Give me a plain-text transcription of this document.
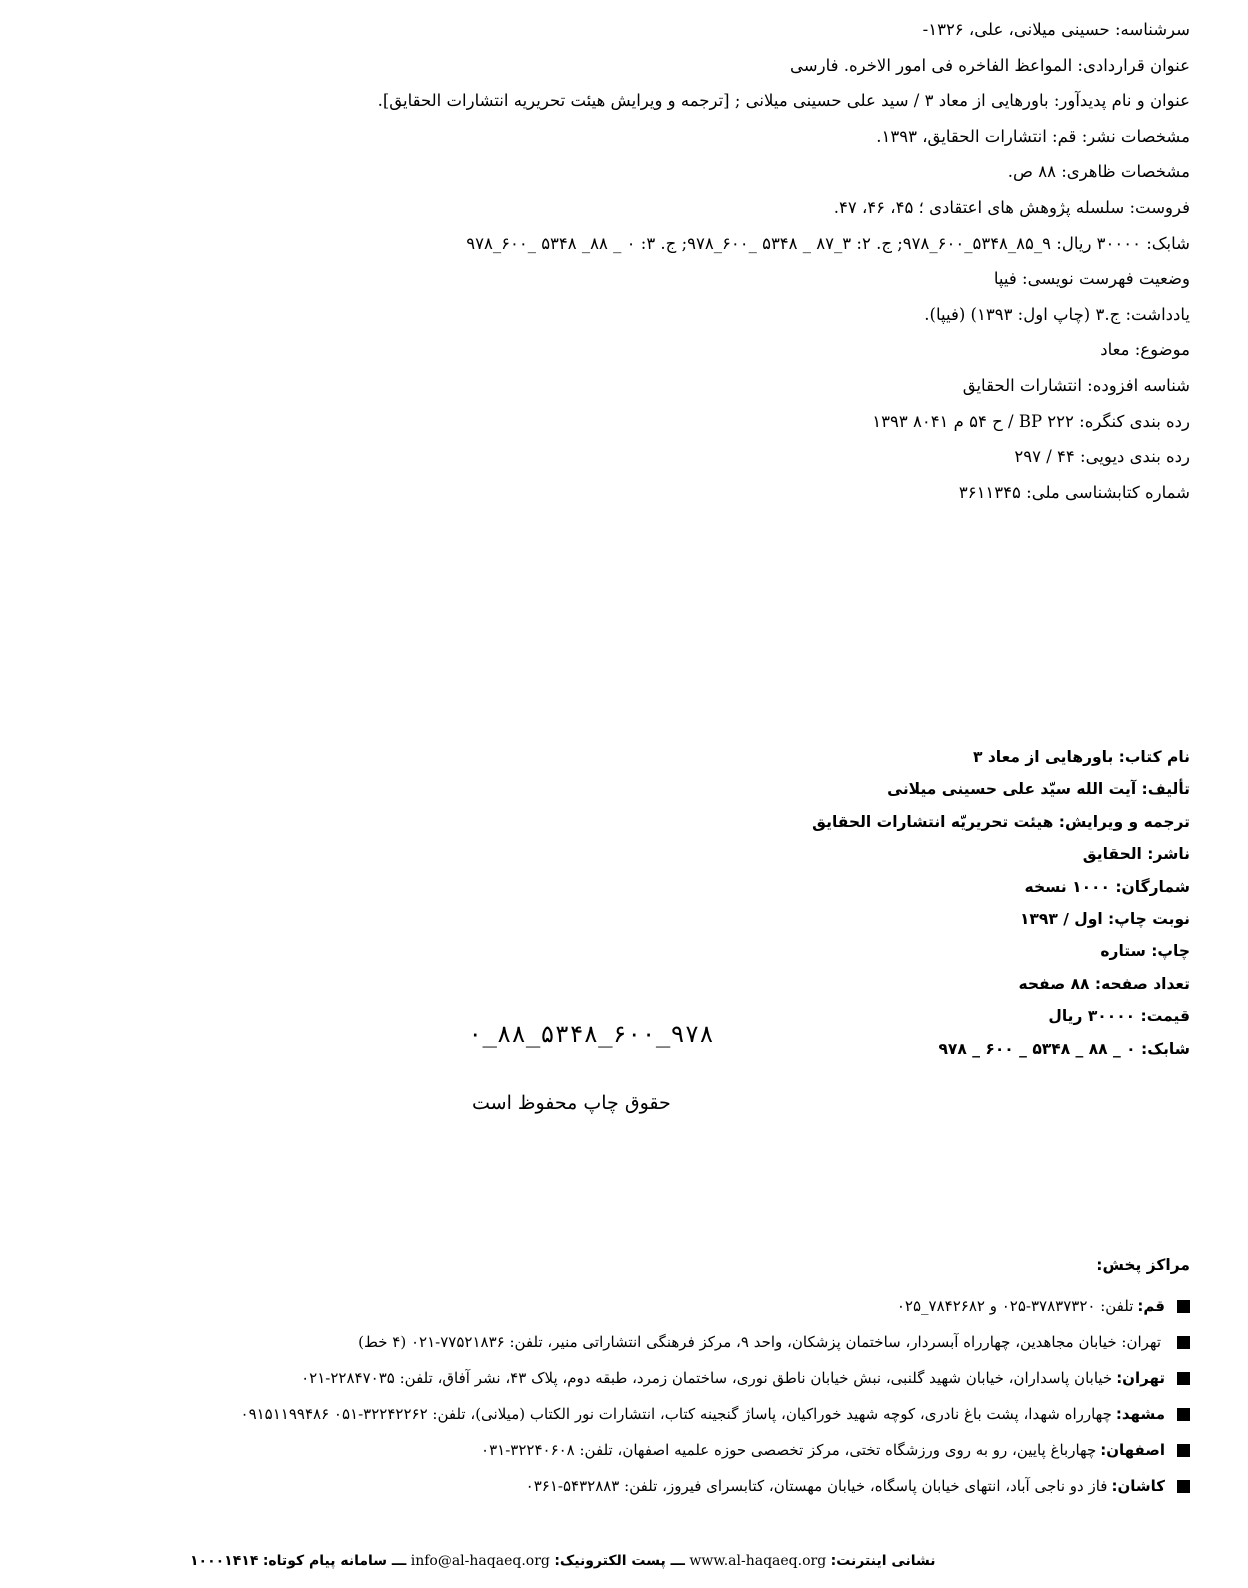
سرشناسه: حسینی میلانی، علی، ۱۳۲۶-
عنوان قراردادی: المواعظ الفاخره فی امور الاخره. فارسی
عنوان و نام پدیدآور: باورهایی از معاد ۳ / سید علی حسینی میلانی ; [ترجمه و ویرایش هیئت تحریریه انتشارات الحقایق].
مشخصات نشر: قم: انتشارات الحقایق، ۱۳۹۳.
مشخصات ظاهری: ۸۸ ص.
فروست: سلسله پژوهش های اعتقادی ؛ ۴۵، ۴۶، ۴۷.
شابک: ۳۰۰۰۰ ریال: ۹_۸۵_۵۳۴۸_۶۰۰_۹۷۸; ج. ۲: ۳_۸۷ _ ۵۳۴۸ _۶۰۰_۹۷۸; ج. ۳: ۰ _ ۸۸_ ۵۳۴۸ _۶۰۰_۹۷۸
وضعیت فهرست نویسی: فیپا
یادداشت: ج.۳ (چاپ اول: ۱۳۹۳) (فیپا).
موضوع: معاد
شناسه افزوده: انتشارات الحقایق
رده بندی کنگره: BP ۲۲۲ / ح ۵۴ م ۸۰۴۱ ۱۳۹۳
رده بندی دیویی: ۴۴ / ۲۹۷
شماره کتابشناسی ملی: ۳۶۱۱۳۴۵
نام کتاب: باورهایی از معاد ۳
تألیف: آیت الله سیّد علی حسینی میلانی
ترجمه و ویرایش: هیئت تحریریّه انتشارات الحقایق
ناشر: الحقایق
شمارگان: ۱۰۰۰ نسخه
نوبت چاپ: اول / ۱۳۹۳
چاپ: ستاره
تعداد صفحه: ۸۸ صفحه
قیمت: ۳۰۰۰۰ ریال
شابک: ۰ _ ۸۸ _ ۵۳۴۸ _ ۶۰۰ _ ۹۷۸
۹۷۸_۶۰۰_۵۳۴۸_۸۸_۰
حقوق چاپ محفوظ است
مراکز پخش:
قم:
تلفن: ۳۷۸۳۷۳۲۰-۰۲۵ و ۷۸۴۲۶۸۲_۰۲۵
تهران: خیابان مجاهدین، چهارراه آبسردار، ساختمان پزشکان، واحد ۹، مرکز فرهنگی انتشاراتی منیر، تلفن: ۷۷۵۲۱۸۳۶-۰۲۱ (۴ خط)
تهران:
خیابان پاسداران، خیابان شهید گلنبی، نبش خیابان ناطق نوری، ساختمان زمرد، طبقه دوم، پلاک ۴۳، نشر آفاق، تلفن: ۲۲۸۴۷۰۳۵-۰۲۱
مشهد:
چهارراه شهدا، پشت باغ نادری، کوچه شهید خوراکیان، پاساژ گنجینه کتاب، انتشارات نور الکتاب (میلانی)، تلفن: ۳۲۲۴۲۲۶۲-۰۵۱ ۰۹۱۵۱۱۹۹۴۸۶
اصفهان:
چهارباغ پایین، رو به روی ورزشگاه تختی، مرکز تخصصی حوزه علمیه اصفهان، تلفن: ۳۲۲۴۰۶۰۸-۰۳۱
کاشان:
فاز دو ناجی آباد، انتهای خیابان پاسگاه، خیابان مهستان، کتابسرای فیروز، تلفن: ۵۴۳۲۸۸۳-۰۳۶۱
نشانی اینترنت: www.al-haqaeq.org ـــ پست الکترونیک: info@al-haqaeq.org ـــ سامانه پیام کوتاه: ۱۰۰۰۱۴۱۴
